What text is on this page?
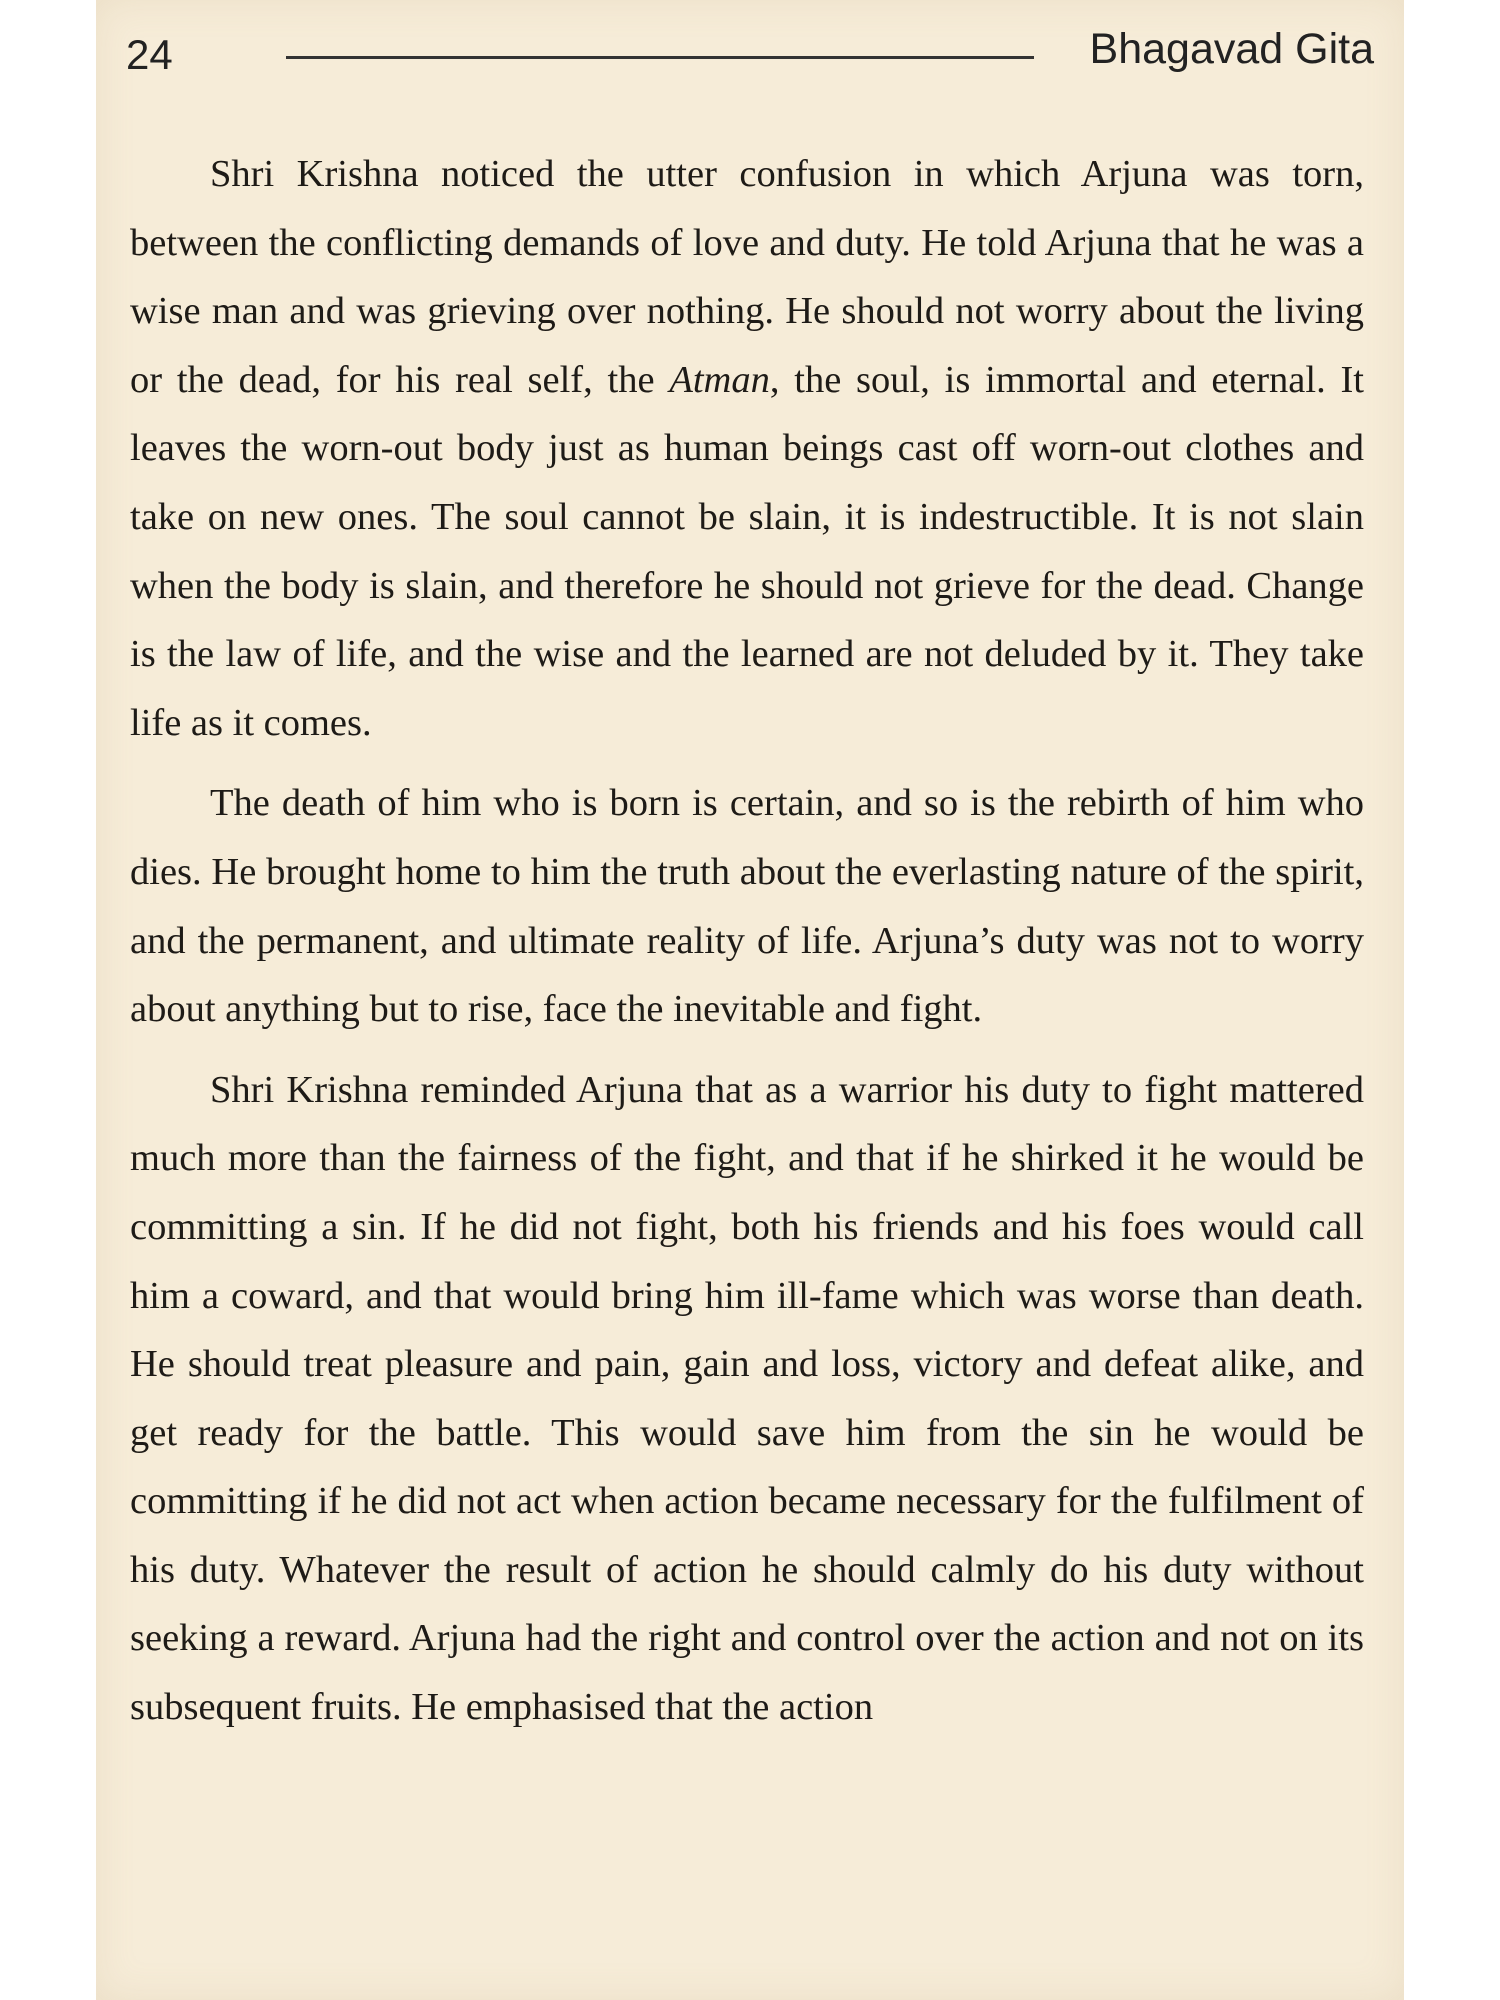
24	Bhagavad Gita

Shri Krishna noticed the utter confusion in which Arjuna was torn, between the conflicting demands of love and duty. He told Arjuna that he was a wise man and was grieving over nothing. He should not worry about the living or the dead, for his real self, the Atman, the soul, is immortal and eternal. It leaves the worn-out body just as human beings cast off worn-out clothes and take on new ones. The soul cannot be slain, it is indestructible. It is not slain when the body is slain, and therefore he should not grieve for the dead. Change is the law of life, and the wise and the learned are not deluded by it. They take life as it comes.

The death of him who is born is certain, and so is the rebirth of him who dies. He brought home to him the truth about the everlasting nature of the spirit, and the permanent, and ultimate reality of life. Arjuna’s duty was not to worry about anything but to rise, face the inevitable and fight.

Shri Krishna reminded Arjuna that as a warrior his duty to fight mattered much more than the fairness of the fight, and that if he shirked it he would be committing a sin. If he did not fight, both his friends and his foes would call him a coward, and that would bring him ill-fame which was worse than death. He should treat pleasure and pain, gain and loss, victory and defeat alike, and get ready for the battle. This would save him from the sin he would be committing if he did not act when action became necessary for the fulfilment of his duty. Whatever the result of action he should calmly do his duty without seeking a reward. Arjuna had the right and control over the action and not on its subsequent fruits. He emphasised that the action
